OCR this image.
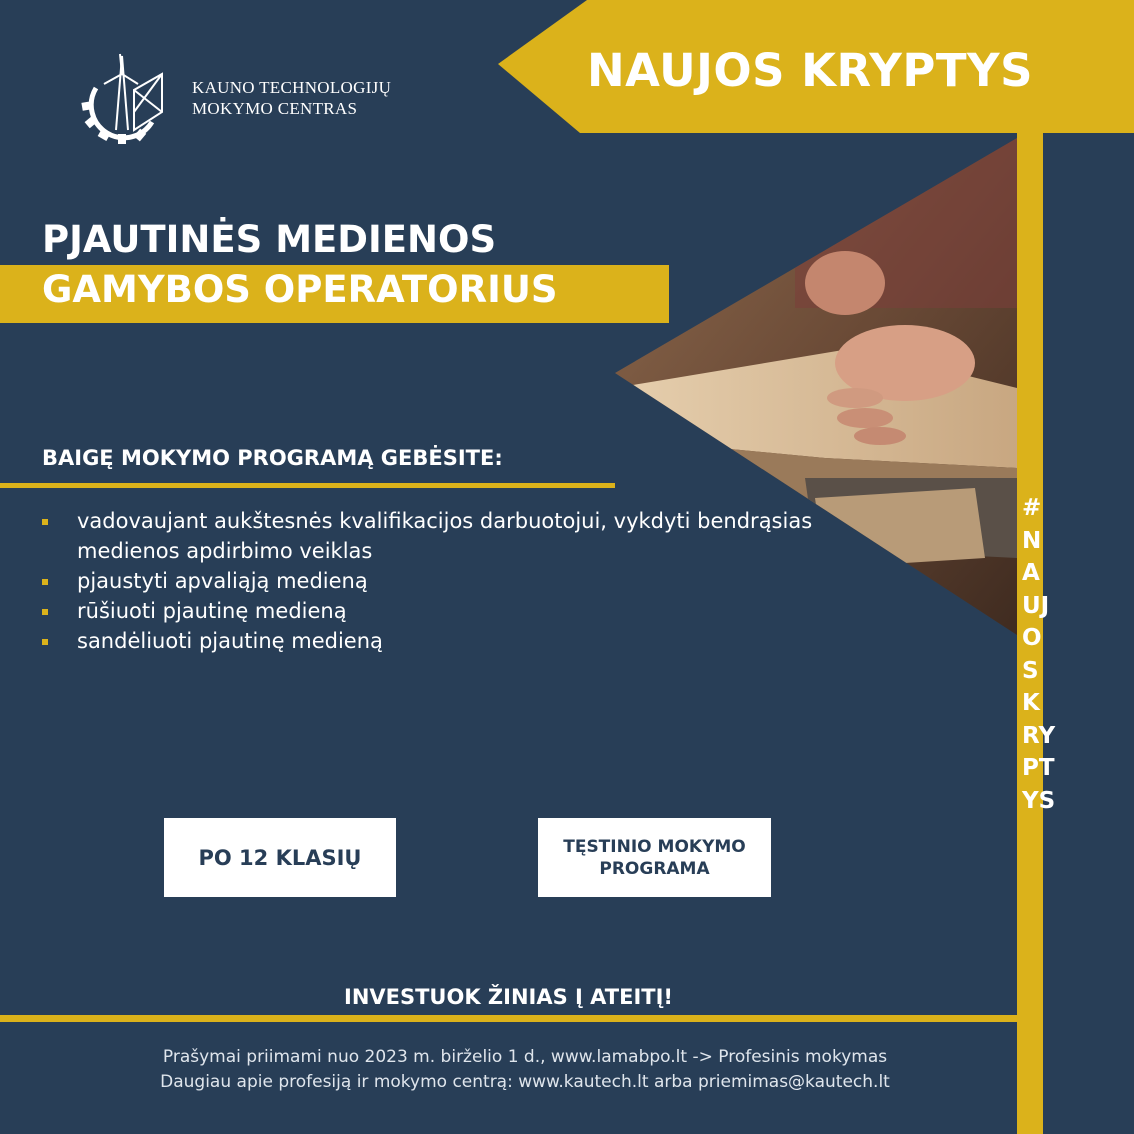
NAUJOS KRYPTYS
#
N
A
UJ
O
S
K
RY
PT
YS
KAUNO TECHNOLOGIJŲ
MOKYMO CENTRAS
PJAUTINĖS MEDIENOS
GAMYBOS OPERATORIUS
BAIGĘ MOKYMO PROGRAMĄ GEBĖSITE:
vadovaujant aukštesnės kvalifikacijos darbuotojui, vykdyti bendrąsias medienos apdirbimo veiklas
pjaustyti apvaliąją medieną
rūšiuoti pjautinę medieną
sandėliuoti pjautinę medieną
PO 12 KLASIŲ	TĘSTINIO MOKYMO
PROGRAMA
INVESTUOK ŽINIAS Į ATEITĮ!
Prašymai priimami nuo 2023 m. birželio 1 d., www.lamabpo.lt -> Profesinis mokymas
Daugiau apie profesiją ir mokymo centrą: www.kautech.lt arba priemimas@kautech.lt
